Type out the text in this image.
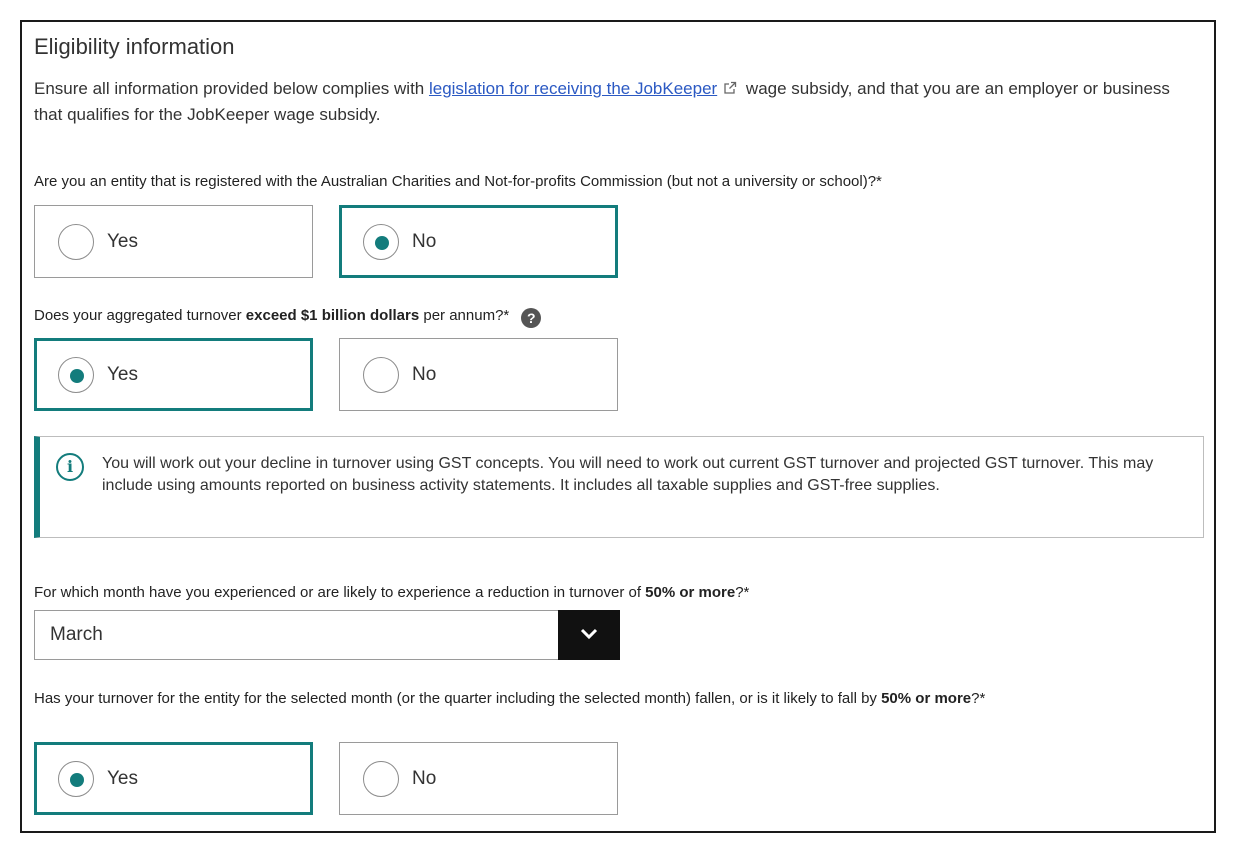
Eligibility information
Ensure all information provided below complies with legislation for receiving the JobKeeper wage subsidy, and that you are an employer or business that qualifies for the JobKeeper wage subsidy.
Are you an entity that is registered with the Australian Charities and Not-for-profits Commission (but not a university or school)?*
Yes	No
Does your aggregated turnover exceed $1 billion dollars per annum?* ?
Yes	No
i	You will work out your decline in turnover using GST concepts. You will need to work out current GST turnover and projected GST turnover. This may include using amounts reported on business activity statements. It includes all taxable supplies and GST-free supplies.
For which month have you experienced or are likely to experience a reduction in turnover of 50% or more?*
March
Has your turnover for the entity for the selected month (or the quarter including the selected month) fallen, or is it likely to fall by 50% or more?*
Yes	No
